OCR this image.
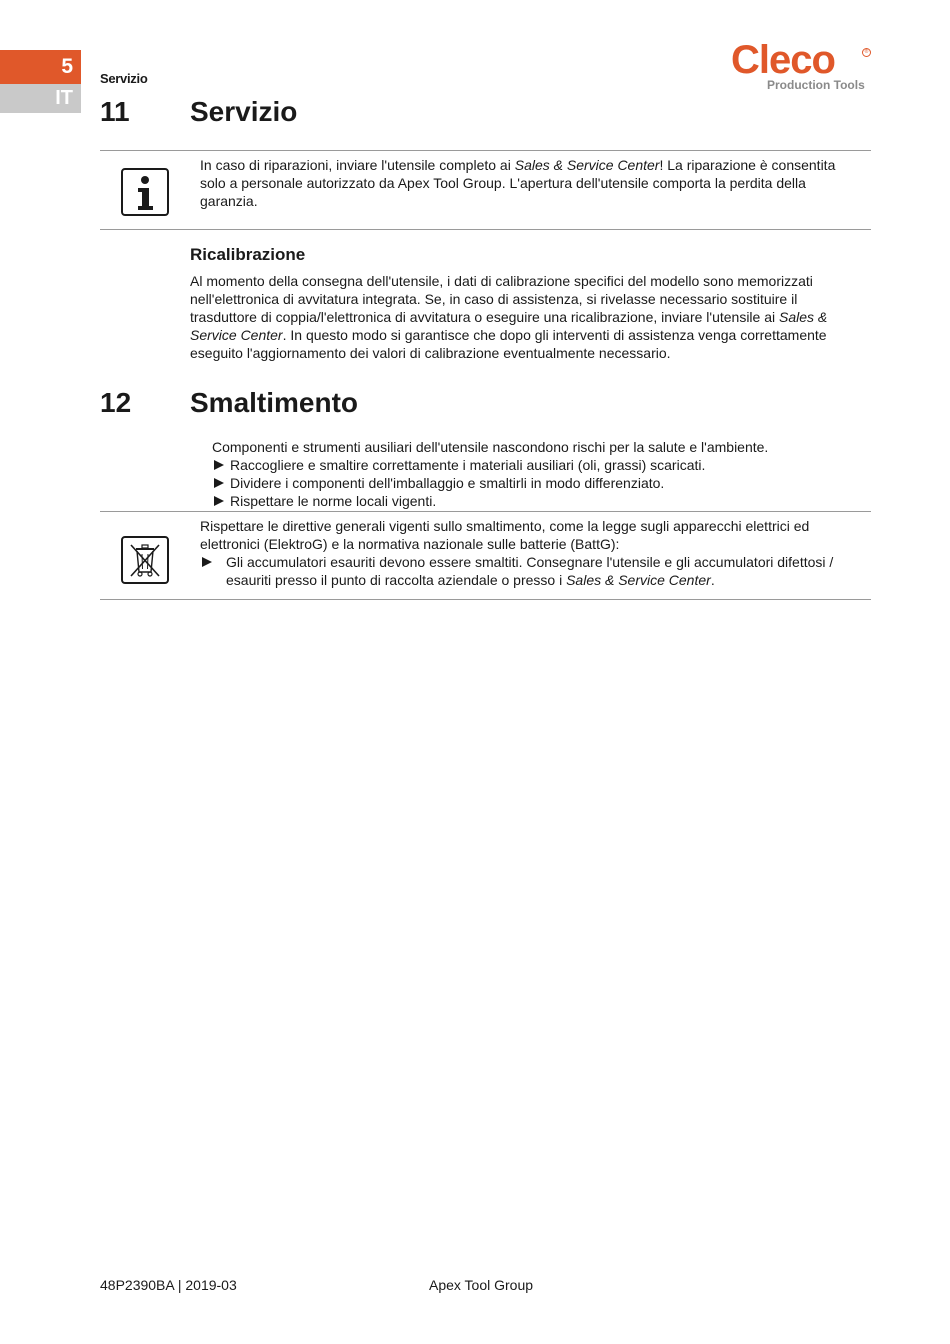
5
IT
Servizio	Cleco	®
Production Tools
11 Servizio

In caso di riparazioni, inviare l'utensile completo ai Sales & Service Center! La riparazione è consentita solo a personale autorizzato da Apex Tool Group. L'apertura dell'utensile comporta la perdita della garanzia.

Ricalibrazione

Al momento della consegna dell'utensile, i dati di calibrazione specifici del modello sono memorizzati nell'elettronica di avvitatura integrata. Se, in caso di assistenza, si rivelasse necessario sostituire il trasduttore di coppia/l'elettronica di avvitatura o eseguire una ricalibrazione, inviare l'utensile ai Sales & Service Center. In questo modo si garantisce che dopo gli interventi di assistenza venga correttamente eseguito l'aggiornamento dei valori di calibrazione eventualmente necessario.

12 Smaltimento

Componenti e strumenti ausiliari dell'utensile nascondono rischi per la salute e l'ambiente.

Raccogliere e smaltire correttamente i materiali ausiliari (oli, grassi) scaricati.
Dividere i componenti dell'imballaggio e smaltirli in modo differenziato.
Rispettare le norme locali vigenti.

Rispettare le direttive generali vigenti sullo smaltimento, come la legge sugli apparecchi elettrici ed elettronici (ElektroG) e la normativa nazionale sulle batterie (BattG):

Gli accumulatori esauriti devono essere smaltiti. Consegnare l'utensile e gli accumulatori difettosi / esauriti presso il punto di raccolta aziendale o presso i Sales & Service Center.
48P2390BA | 2019-03	Apex Tool Group
